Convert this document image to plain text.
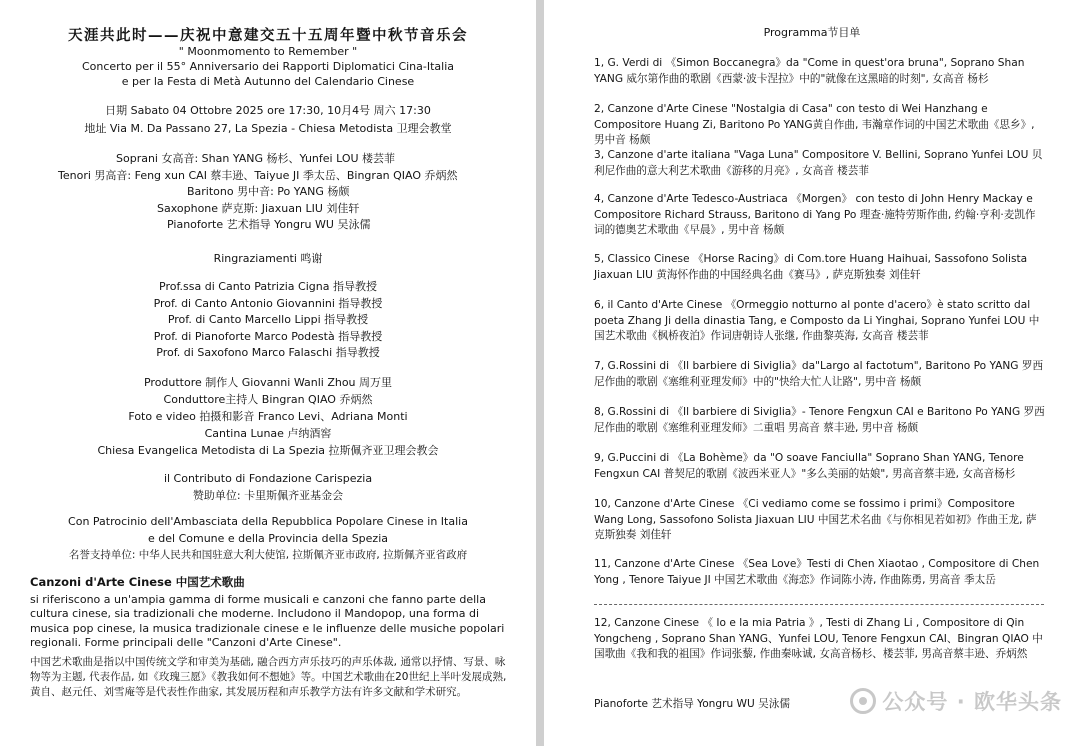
天涯共此时——庆祝中意建交五十五周年暨中秋节音乐会
" Moonmomento to Remember "
Concerto per il 55° Anniversario dei Rapporti Diplomatici Cina-Italia
e per la Festa di Metà Autunno del Calendario Cinese
日期 Sabato 04 Ottobre 2025 ore 17:30, 10月4号 周六 17:30
地址 Via M. Da Passano 27, La Spezia - Chiesa Metodista 卫理会教堂
Soprani 女高音: Shan YANG 杨杉、Yunfei LOU 楼芸菲
Tenori 男高音: Feng xun CAI 蔡丰逊、Taiyue JI 季太岳、Bingran QIAO 乔炳然
Baritono 男中音: Po YANG 杨颇
Saxophone 萨克斯: Jiaxuan LIU 刘佳轩
Pianoforte 艺术指导 Yongru WU 吴泳儒
Ringraziamenti 鸣谢
Prof.ssa di Canto Patrizia Cigna 指导教授
Prof. di Canto Antonio Giovannini 指导教授
Prof. di Canto Marcello Lippi 指导教授
Prof. di Pianoforte Marco Podestà 指导教授
Prof. di Saxofono Marco Falaschi 指导教授
Produttore 制作人 Giovanni Wanli Zhou 周万里
Conduttore主持人 Bingran QIAO 乔炳然
Foto e video 拍摄和影音 Franco Levi、Adriana Monti
Cantina Lunae 卢纳酒窖
Chiesa Evangelica Metodista di La Spezia 拉斯佩齐亚卫理会教会
il Contributo di Fondazione Carispezia
赞助单位: 卡里斯佩齐亚基金会
Con Patrocinio dell'Ambasciata della Repubblica Popolare Cinese in Italia
e del Comune e della Provincia della Spezia
名誉支持单位: 中华人民共和国驻意大利大使馆, 拉斯佩齐亚市政府, 拉斯佩齐亚省政府
Canzoni d'Arte Cinese 中国艺术歌曲
si riferiscono a un'ampia gamma di forme musicali e canzoni che fanno parte della cultura cinese, sia tradizionali che moderne. Includono il Mandopop, una forma di musica pop cinese, la musica tradizionale cinese e le influenze delle musiche popolari regionali. Forme principali delle "Canzoni d'Arte Cinese".
中国艺术歌曲是指以中国传统文学和审美为基础, 融合西方声乐技巧的声乐体裁, 通常以抒情、写景、咏物等为主题, 代表作品, 如《玫瑰三愿》《教我如何不想她》等。中国艺术歌曲在20世纪上半叶发展成熟, 黄自、赵元任、刘雪庵等是代表性作曲家, 其发展历程和声乐教学方法有许多文献和学术研究。
Programma节目单
1, G. Verdi di 《Simon Boccanegra》da "Come in quest'ora bruna", Soprano Shan YANG 威尔第作曲的歌剧《西蒙·波卡涅拉》中的"就像在这黑暗的时刻", 女高音 杨杉
2, Canzone d'Arte Cinese "Nostalgia di Casa" con testo di Wei Hanzhang e Compositore Huang Zi, Baritono Po YANG黄自作曲, 韦瀚章作词的中国艺术歌曲《思乡》, 男中音 杨颇
3, Canzone d'arte italiana "Vaga Luna" Compositore V. Bellini, Soprano Yunfei LOU 贝利尼作曲的意大利艺术歌曲《游移的月亮》, 女高音 楼芸菲
4, Canzone d'Arte Tedesco-Austriaca 《Morgen》 con testo di John Henry Mackay e Compositore Richard Strauss, Baritono di Yang Po 理查·施特劳斯作曲, 约翰·亨利·麦凯作词的德奥艺术歌曲《早晨》, 男中音 杨颇
5, Classico Cinese 《Horse Racing》di Com.tore Huang Haihuai, Sassofono Solista Jiaxuan LIU 黄海怀作曲的中国经典名曲《赛马》, 萨克斯独奏 刘佳轩
6, il Canto d'Arte Cinese 《Ormeggio notturno al ponte d'acero》è stato scritto dal poeta Zhang Ji della dinastia Tang, e Composto da Li Yinghai, Soprano Yunfei LOU 中国艺术歌曲《枫桥夜泊》作词唐朝诗人张继, 作曲黎英海, 女高音 楼芸菲
7, G.Rossini di 《Il barbiere di Siviglia》da"Largo al factotum", Baritono Po YANG 罗西尼作曲的歌剧《塞维利亚理发师》中的"快给大忙人让路", 男中音 杨颇
8, G.Rossini di 《Il barbiere di Siviglia》- Tenore Fengxun CAI e Baritono Po YANG 罗西尼作曲的歌剧《塞维利亚理发师》二重唱 男高音 蔡丰逊, 男中音 杨颇
9, G.Puccini di 《La Bohème》da "O soave Fanciulla" Soprano Shan YANG, Tenore Fengxun CAI 普契尼的歌剧《波西米亚人》"多么美丽的姑娘", 男高音蔡丰逊, 女高音杨杉
10, Canzone d'Arte Cinese 《Ci vediamo come se fossimo i primi》Compositore Wang Long, Sassofono Solista Jiaxuan LIU 中国艺术名曲《与你相见若如初》作曲王龙, 萨克斯独奏 刘佳轩
11, Canzone d'Arte Cinese 《Sea Love》Testi di Chen Xiaotao , Compositore di Chen Yong , Tenore Taiyue JI 中国艺术歌曲《海恋》作词陈小涛, 作曲陈勇, 男高音 季太岳
12, Canzone Cinese 《 Io e la mia Patria 》, Testi di Zhang Li , Compositore di Qin Yongcheng , Soprano Shan YANG、Yunfei LOU, Tenore Fengxun CAI、Bingran QIAO 中国歌曲《我和我的祖国》作词张藜, 作曲秦咏诚, 女高音杨杉、楼芸菲, 男高音蔡丰逊、乔炳然
Pianoforte 艺术指导 Yongru WU 吴泳儒	公众号 · 欧华头条
